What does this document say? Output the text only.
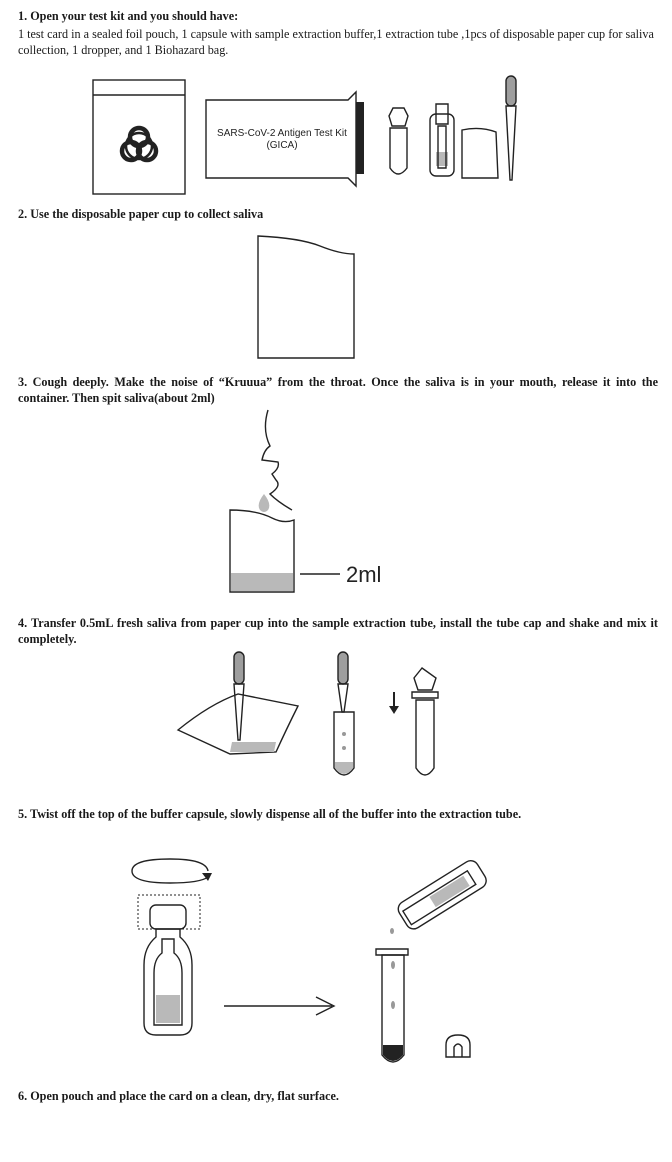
1. Open your test kit and you should have:

1 test card in a sealed foil pouch, 1 capsule with sample extraction buffer,1 extraction tube ,1pcs of disposable paper cup for saliva collection, 1 dropper, and 1 Biohazard bag.

SARS-CoV-2 Antigen Test Kit
(GICA)

2. Use the disposable paper cup to collect saliva

3. Cough deeply. Make the noise of “Kruuua” from the throat. Once the saliva is in your mouth, release it into the container. Then spit saliva(about 2ml)

2ml

4. Transfer 0.5mL fresh saliva from paper cup into the sample extraction tube, install the tube cap and shake and mix it completely.

5. Twist off the top of the buffer capsule, slowly dispense all of the buffer into the extraction tube.

6. Open pouch and place the card on a clean, dry, flat surface.
